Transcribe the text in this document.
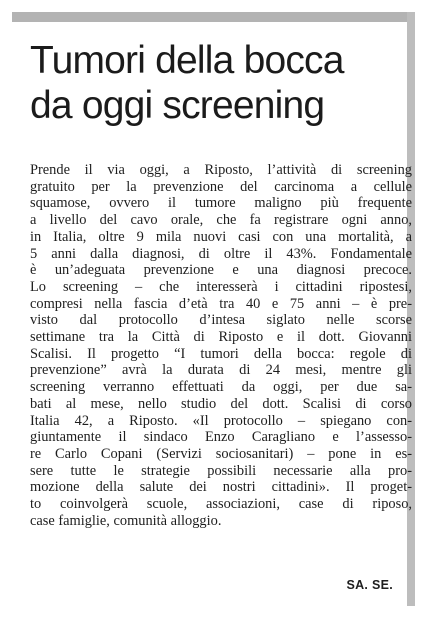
Tumori della bocca
da oggi screening
Prende il via oggi, a Riposto, l’attività di screening
gratuito per la prevenzione del carcinoma a cellule
squamose, ovvero il tumore maligno più frequente
a livello del cavo orale, che fa registrare ogni anno,
in Italia, oltre 9 mila nuovi casi con una mortalità, a
5 anni dalla diagnosi, di oltre il 43%. Fondamentale
è un’adeguata prevenzione e una diagnosi precoce.
Lo screening – che interesserà i cittadini ripostesi,
compresi nella fascia d’età tra 40 e 75 anni – è pre-
visto dal protocollo d’intesa siglato nelle scorse
settimane tra la Città di Riposto e il dott. Giovanni
Scalisi. Il progetto “I tumori della bocca: regole di
prevenzione” avrà la durata di 24 mesi, mentre gli
screening verranno effettuati da oggi, per due sa-
bati al mese, nello studio del dott. Scalisi di corso
Italia 42, a Riposto. «Il protocollo – spiegano con-
giuntamente il sindaco Enzo Caragliano e l’assesso-
re Carlo Copani (Servizi sociosanitari) – pone in es-
sere tutte le strategie possibili necessarie alla pro-
mozione della salute dei nostri cittadini». Il proget-
to coinvolgerà scuole, associazioni, case di riposo,
case famiglie, comunità alloggio.

SA. SE.
